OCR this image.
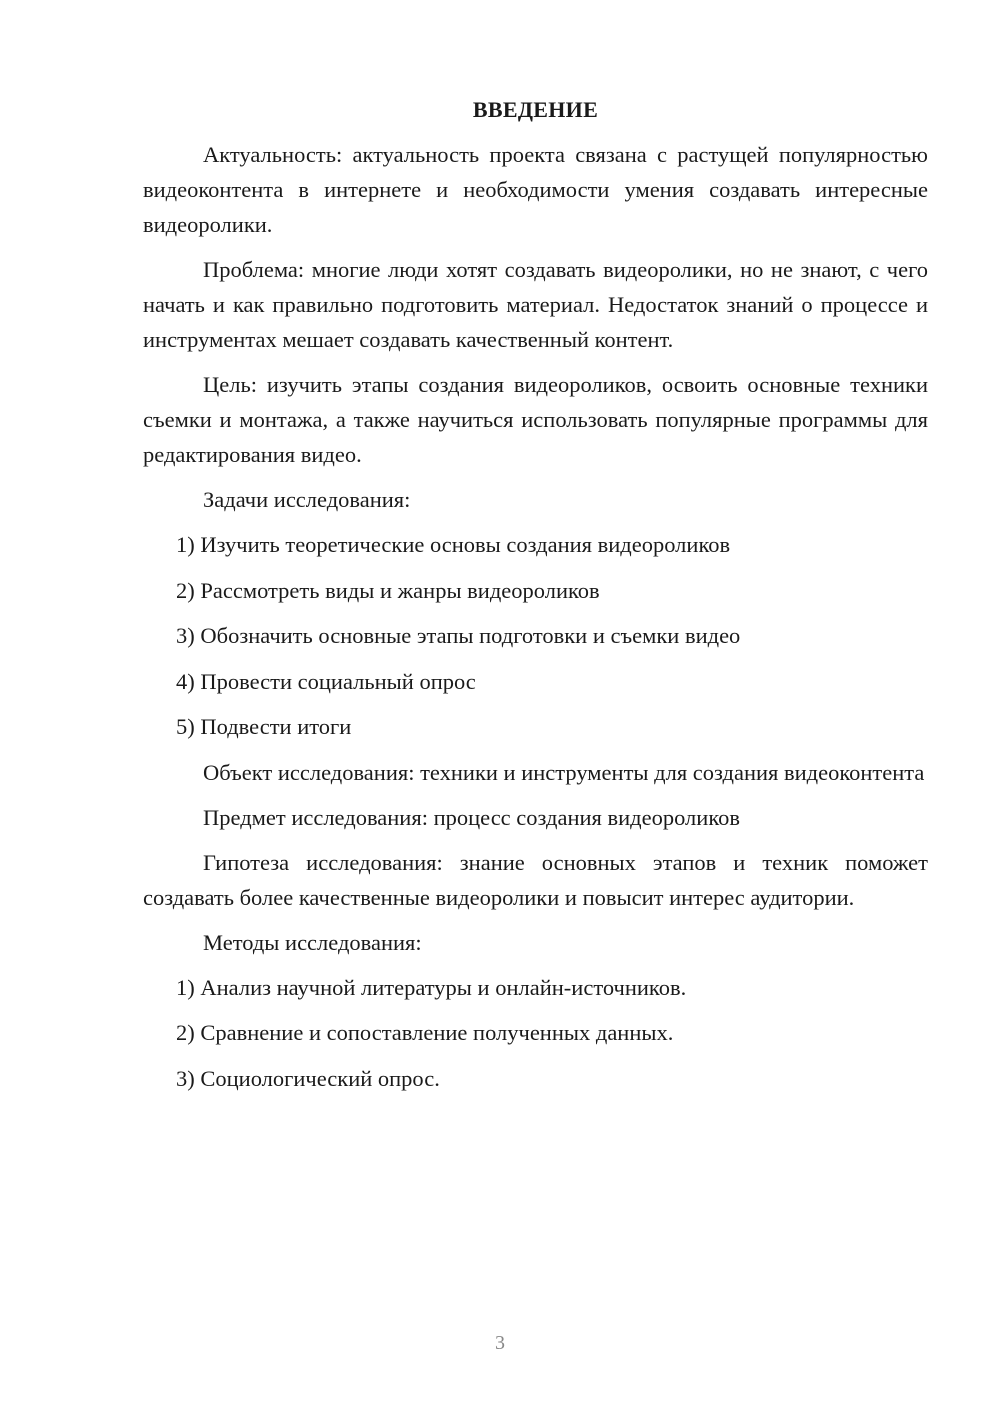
ВВЕДЕНИЕ

Актуальность: актуальность проекта связана с растущей популярностью видеоконтента в интернете и необходимости умения создавать интересные видеоролики.

Проблема: многие люди хотят создавать видеоролики, но не знают, с чего начать и как правильно подготовить материал. Недостаток знаний о процессе и инструментах мешает создавать качественный контент.

Цель: изучить этапы создания видеороликов, освоить основные техники съемки и монтажа, а также научиться использовать популярные программы для редактирования видео.

Задачи исследования:

1) Изучить теоретические основы создания видеороликов
2) Рассмотреть виды и жанры видеороликов
3) Обозначить основные этапы подготовки и съемки видео
4) Провести социальный опрос
5) Подвести итоги

Объект исследования: техники и инструменты для создания видеоконтента

Предмет исследования: процесс создания видеороликов

Гипотеза исследования: знание основных этапов и техник поможет создавать более качественные видеоролики и повысит интерес аудитории.

Методы исследования:

1) Анализ научной литературы и онлайн-источников.
2) Сравнение и сопоставление полученных данных.
3) Социологический опрос.
3
